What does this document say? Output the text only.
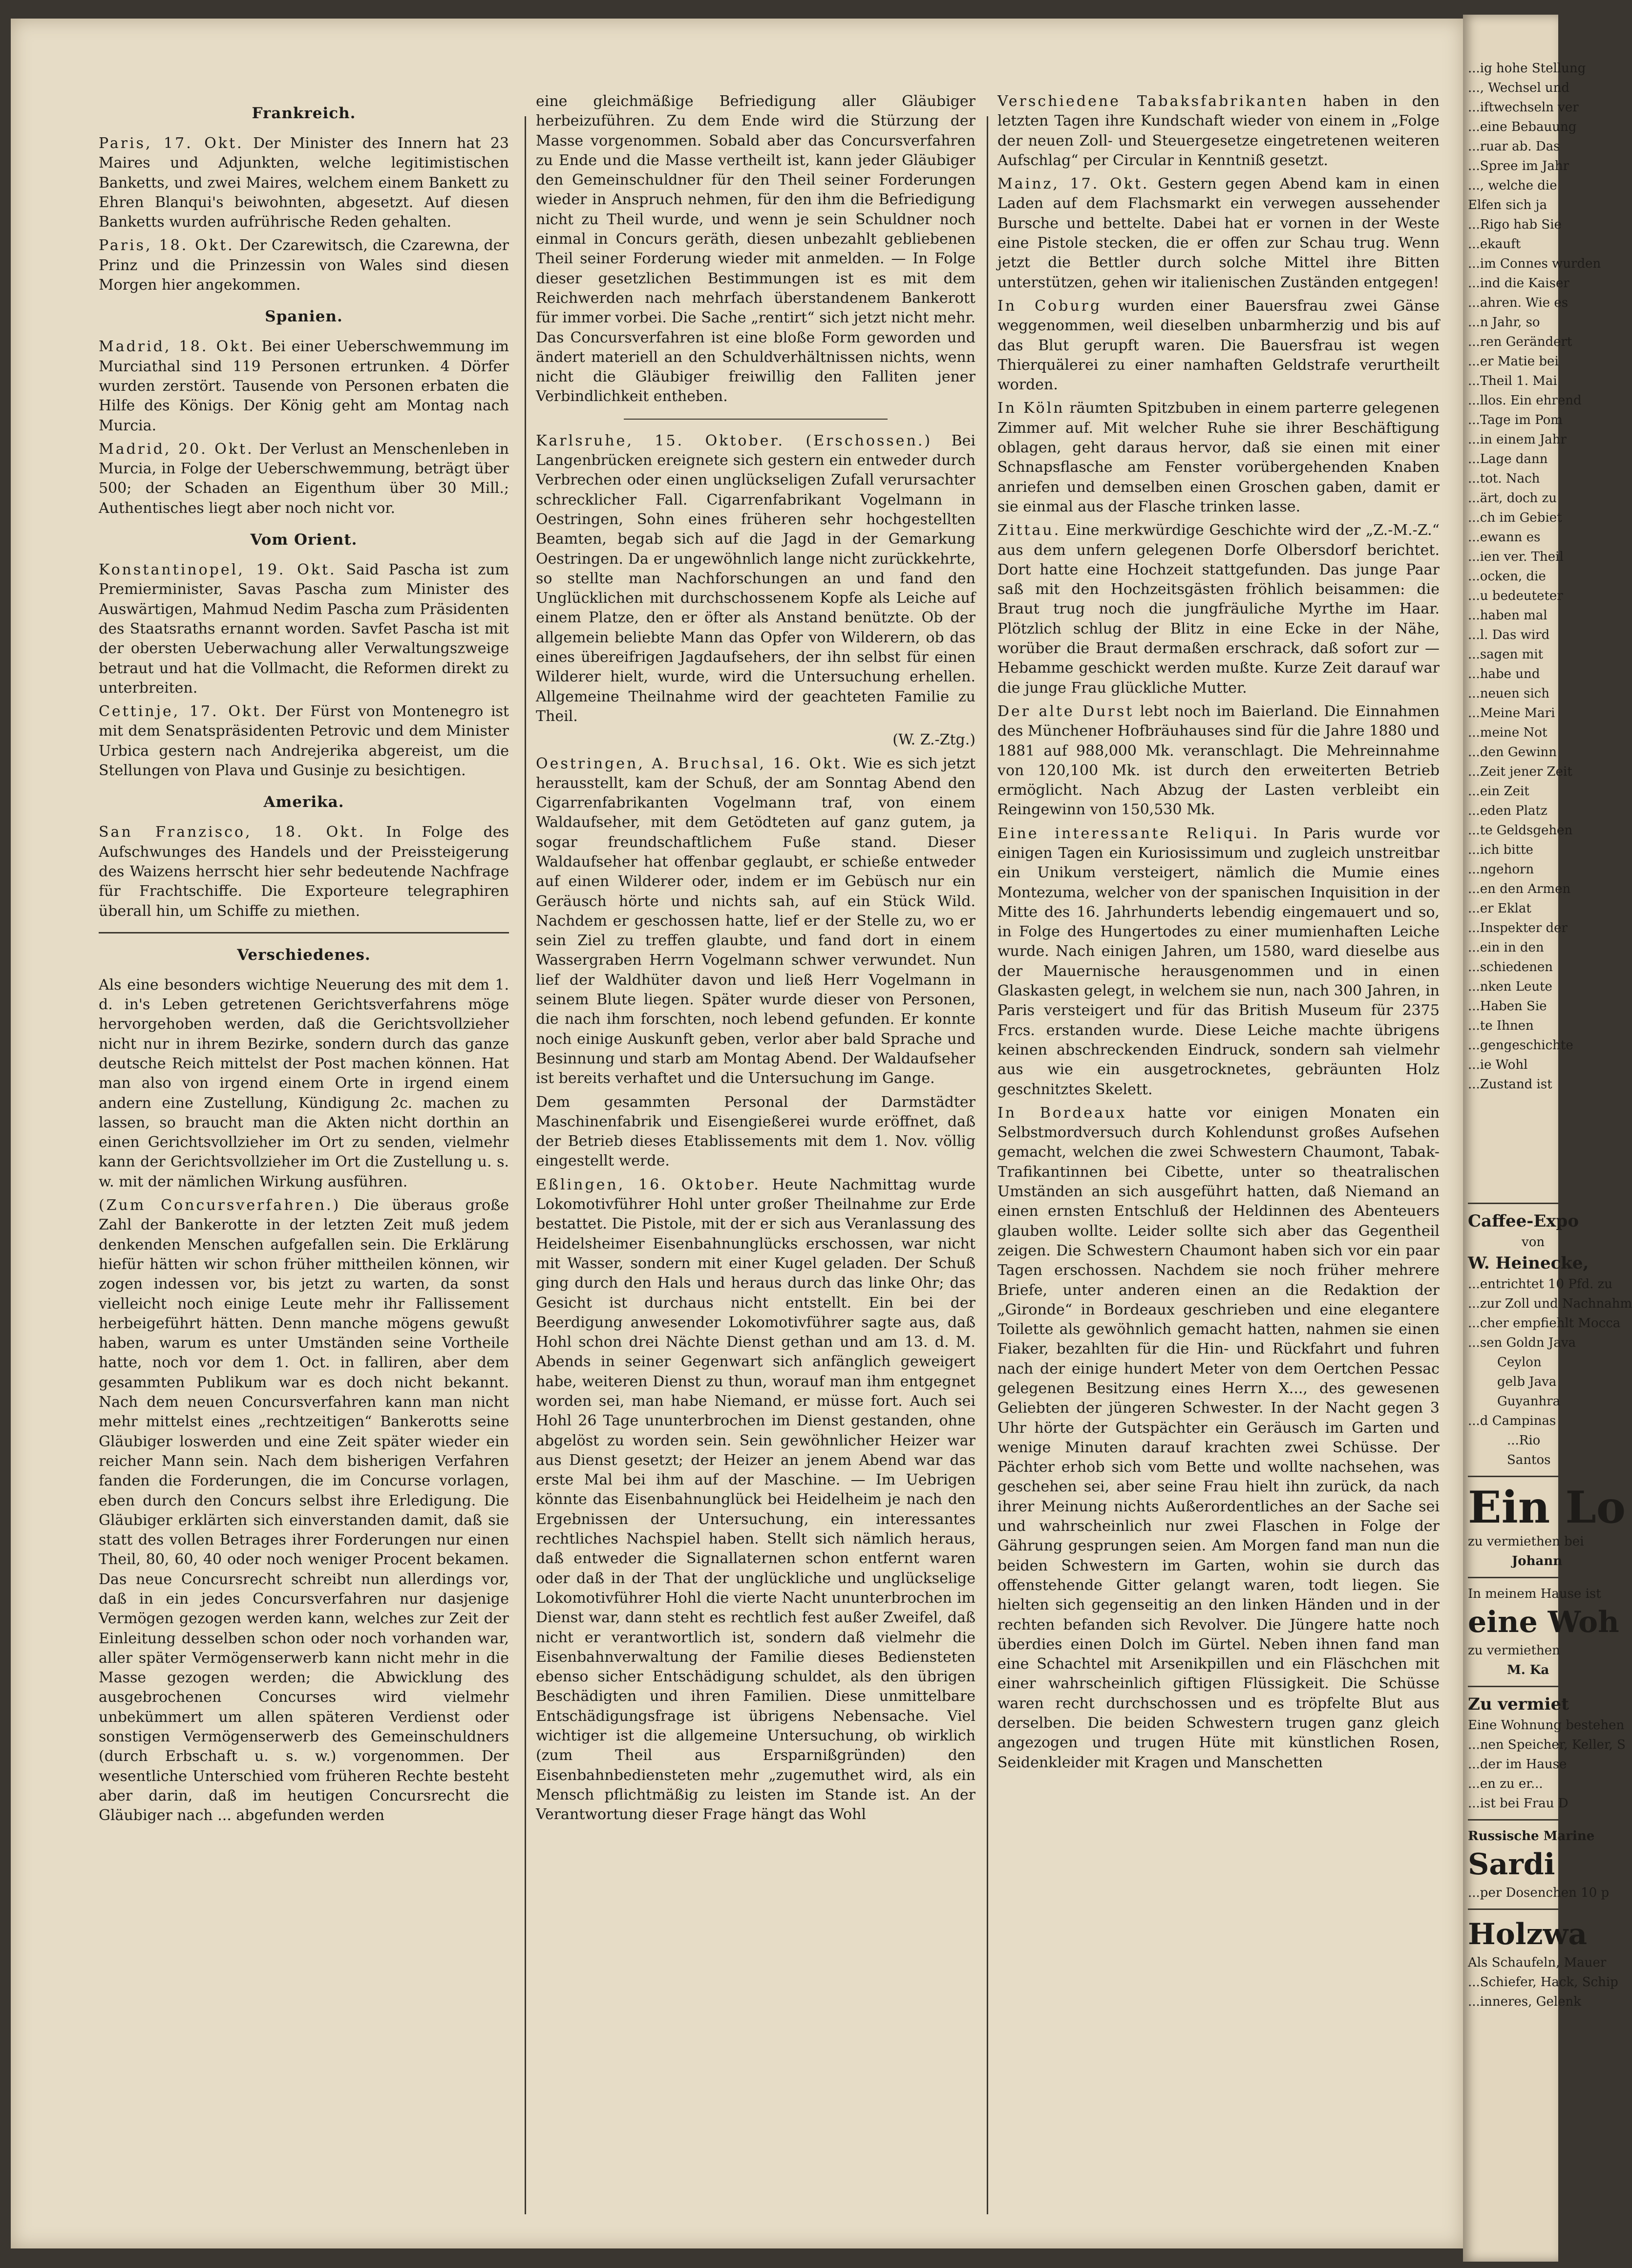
Frankreich.

Paris, 17. Okt. Der Minister des Innern hat 23 Maires und Adjunkten, welche legitimistischen Banketts, und zwei Maires, welchem einem Bankett zu Ehren Blanqui's beiwohnten, abgesetzt. Auf diesen Banketts wurden aufrührische Reden gehalten.

Paris, 18. Okt. Der Czarewitsch, die Czarewna, der Prinz und die Prinzessin von Wales sind diesen Morgen hier angekommen.

Spanien.

Madrid, 18. Okt. Bei einer Ueberschwemmung im Murciathal sind 119 Personen ertrunken. 4 Dörfer wurden zerstört. Tausende von Personen erbaten die Hilfe des Königs. Der König geht am Montag nach Murcia.

Madrid, 20. Okt. Der Verlust an Menschenleben in Murcia, in Folge der Ueberschwemmung, beträgt über 500; der Schaden an Eigenthum über 30 Mill.; Authentisches liegt aber noch nicht vor.

Vom Orient.

Konstantinopel, 19. Okt. Said Pascha ist zum Premierminister, Savas Pascha zum Minister des Auswärtigen, Mahmud Nedim Pascha zum Präsidenten des Staatsraths ernannt worden. Savfet Pascha ist mit der obersten Ueberwachung aller Verwaltungszweige betraut und hat die Vollmacht, die Reformen direkt zu unterbreiten.

Cettinje, 17. Okt. Der Fürst von Montenegro ist mit dem Senatspräsidenten Petrovic und dem Minister Urbica gestern nach Andrejerika abgereist, um die Stellungen von Plava und Gusinje zu besichtigen.

Amerika.

San Franzisco, 18. Okt. In Folge des Aufschwunges des Handels und der Preissteigerung des Waizens herrscht hier sehr bedeutende Nachfrage für Frachtschiffe. Die Exporteure telegraphiren überall hin, um Schiffe zu miethen.

Verschiedenes.

Als eine besonders wichtige Neuerung des mit dem 1. d. in's Leben getretenen Gerichtsverfahrens möge hervorgehoben werden, daß die Gerichtsvollzieher nicht nur in ihrem Bezirke, sondern durch das ganze deutsche Reich mittelst der Post machen können. Hat man also von irgend einem Orte in irgend einem andern eine Zustellung, Kündigung 2c. machen zu lassen, so braucht man die Akten nicht dorthin an einen Gerichtsvollzieher im Ort zu senden, vielmehr kann der Gerichtsvollzieher im Ort die Zustellung u. s. w. mit der nämlichen Wirkung ausführen.

(Zum Concursverfahren.) Die überaus große Zahl der Bankerotte in der letzten Zeit muß jedem denkenden Menschen aufgefallen sein. Die Erklärung hiefür hätten wir schon früher mittheilen können, wir zogen indessen vor, bis jetzt zu warten, da sonst vielleicht noch einige Leute mehr ihr Fallissement herbeigeführt hätten. Denn manche mögens gewußt haben, warum es unter Umständen seine Vortheile hatte, noch vor dem 1. Oct. in falliren, aber dem gesammten Publikum war es doch nicht bekannt. Nach dem neuen Concursverfahren kann man nicht mehr mittelst eines „rechtzeitigen“ Bankerotts seine Gläubiger loswerden und eine Zeit später wieder ein reicher Mann sein. Nach dem bisherigen Verfahren fanden die Forderungen, die im Concurse vorlagen, eben durch den Concurs selbst ihre Erledigung. Die Gläubiger erklärten sich einverstanden damit, daß sie statt des vollen Betrages ihrer Forderungen nur einen Theil, 80, 60, 40 oder noch weniger Procent bekamen. Das neue Concursrecht schreibt nun allerdings vor, daß in ein jedes Concursverfahren nur dasjenige Vermögen gezogen werden kann, welches zur Zeit der Einleitung desselben schon oder noch vorhanden war, aller später Vermögenserwerb kann nicht mehr in die Masse gezogen werden; die Abwicklung des ausgebrochenen Concurses wird vielmehr unbekümmert um allen späteren Verdienst oder sonstigen Vermögenserwerb des Gemeinschuldners (durch Erbschaft u. s. w.) vorgenommen. Der wesentliche Unterschied vom früheren Rechte besteht aber darin, daß im heutigen Concursrecht die Gläubiger nach ... abgefunden werden

eine gleichmäßige Befriedigung aller Gläubiger herbeizuführen. Zu dem Ende wird die Stürzung der Masse vorgenommen. Sobald aber das Concursverfahren zu Ende und die Masse vertheilt ist, kann jeder Gläubiger den Gemeinschuldner für den Theil seiner Forderungen wieder in Anspruch nehmen, für den ihm die Befriedigung nicht zu Theil wurde, und wenn je sein Schuldner noch einmal in Concurs geräth, diesen unbezahlt gebliebenen Theil seiner Forderung wieder mit anmelden. — In Folge dieser gesetzlichen Bestimmungen ist es mit dem Reichwerden nach mehrfach überstandenem Bankerott für immer vorbei. Die Sache „rentirt“ sich jetzt nicht mehr. Das Concursverfahren ist eine bloße Form geworden und ändert materiell an den Schuldverhältnissen nichts, wenn nicht die Gläubiger freiwillig den Falliten jener Verbindlichkeit entheben.

Karlsruhe, 15. Oktober. (Erschossen.) Bei Langenbrücken ereignete sich gestern ein entweder durch Verbrechen oder einen unglückseligen Zufall verursachter schrecklicher Fall. Cigarrenfabrikant Vogelmann in Oestringen, Sohn eines früheren sehr hochgestellten Beamten, begab sich auf die Jagd in der Gemarkung Oestringen. Da er ungewöhnlich lange nicht zurückkehrte, so stellte man Nachforschungen an und fand den Unglücklichen mit durchschossenem Kopfe als Leiche auf einem Platze, den er öfter als Anstand benützte. Ob der allgemein beliebte Mann das Opfer von Wilderern, ob das eines übereifrigen Jagdaufsehers, der ihn selbst für einen Wilderer hielt, wurde, wird die Untersuchung erhellen. Allgemeine Theilnahme wird der geachteten Familie zu Theil.

(W. Z.-Ztg.)

Oestringen, A. Bruchsal, 16. Okt. Wie es sich jetzt herausstellt, kam der Schuß, der am Sonntag Abend den Cigarrenfabrikanten Vogelmann traf, von einem Waldaufseher, mit dem Getödteten auf ganz gutem, ja sogar freundschaftlichem Fuße stand. Dieser Waldaufseher hat offenbar geglaubt, er schieße entweder auf einen Wilderer oder, indem er im Gebüsch nur ein Geräusch hörte und nichts sah, auf ein Stück Wild. Nachdem er geschossen hatte, lief er der Stelle zu, wo er sein Ziel zu treffen glaubte, und fand dort in einem Wassergraben Herrn Vogelmann schwer verwundet. Nun lief der Waldhüter davon und ließ Herr Vogelmann in seinem Blute liegen. Später wurde dieser von Personen, die nach ihm forschten, noch lebend gefunden. Er konnte noch einige Auskunft geben, verlor aber bald Sprache und Besinnung und starb am Montag Abend. Der Waldaufseher ist bereits verhaftet und die Untersuchung im Gange.

Dem gesammten Personal der Darmstädter Maschinenfabrik und Eisengießerei wurde eröffnet, daß der Betrieb dieses Etablissements mit dem 1. Nov. völlig eingestellt werde.

Eßlingen, 16. Oktober. Heute Nachmittag wurde Lokomotivführer Hohl unter großer Theilnahme zur Erde bestattet. Die Pistole, mit der er sich aus Veranlassung des Heidelsheimer Eisenbahnunglücks erschossen, war nicht mit Wasser, sondern mit einer Kugel geladen. Der Schuß ging durch den Hals und heraus durch das linke Ohr; das Gesicht ist durchaus nicht entstellt. Ein bei der Beerdigung anwesender Lokomotivführer sagte aus, daß Hohl schon drei Nächte Dienst gethan und am 13. d. M. Abends in seiner Gegenwart sich anfänglich geweigert habe, weiteren Dienst zu thun, worauf man ihm entgegnet worden sei, man habe Niemand, er müsse fort. Auch sei Hohl 26 Tage ununterbrochen im Dienst gestanden, ohne abgelöst zu worden sein. Sein gewöhnlicher Heizer war aus Dienst gesetzt; der Heizer an jenem Abend war das erste Mal bei ihm auf der Maschine. — Im Uebrigen könnte das Eisenbahnunglück bei Heidelheim je nach den Ergebnissen der Untersuchung, ein interessantes rechtliches Nachspiel haben. Stellt sich nämlich heraus, daß entweder die Signallaternen schon entfernt waren oder daß in der That der unglückliche und unglückselige Lokomotivführer Hohl die vierte Nacht ununterbrochen im Dienst war, dann steht es rechtlich fest außer Zweifel, daß nicht er verantwortlich ist, sondern daß vielmehr die Eisenbahnverwaltung der Familie dieses Bediensteten ebenso sicher Entschädigung schuldet, als den übrigen Beschädigten und ihren Familien. Diese unmittelbare Entschädigungsfrage ist übrigens Nebensache. Viel wichtiger ist die allgemeine Untersuchung, ob wirklich (zum Theil aus Ersparnißgründen) den Eisenbahnbediensteten mehr „zugemuthet wird, als ein Mensch pflichtmäßig zu leisten im Stande ist. An der Verantwortung dieser Frage hängt das Wohl

Verschiedene Tabaksfabrikanten haben in den letzten Tagen ihre Kundschaft wieder von einem in „Folge der neuen Zoll- und Steuergesetze eingetretenen weiteren Aufschlag“ per Circular in Kenntniß gesetzt.

Mainz, 17. Okt. Gestern gegen Abend kam in einen Laden auf dem Flachsmarkt ein verwegen aussehender Bursche und bettelte. Dabei hat er vornen in der Weste eine Pistole stecken, die er offen zur Schau trug. Wenn jetzt die Bettler durch solche Mittel ihre Bitten unterstützen, gehen wir italienischen Zuständen entgegen!

In Coburg wurden einer Bauersfrau zwei Gänse weggenommen, weil dieselben unbarmherzig und bis auf das Blut gerupft waren. Die Bauersfrau ist wegen Thierquälerei zu einer namhaften Geldstrafe verurtheilt worden.

In Köln räumten Spitzbuben in einem parterre gelegenen Zimmer auf. Mit welcher Ruhe sie ihrer Beschäftigung oblagen, geht daraus hervor, daß sie einen mit einer Schnapsflasche am Fenster vorübergehenden Knaben anriefen und demselben einen Groschen gaben, damit er sie einmal aus der Flasche trinken lasse.

Zittau. Eine merkwürdige Geschichte wird der „Z.-M.-Z.“ aus dem unfern gelegenen Dorfe Olbersdorf berichtet. Dort hatte eine Hochzeit stattgefunden. Das junge Paar saß mit den Hochzeitsgästen fröhlich beisammen: die Braut trug noch die jungfräuliche Myrthe im Haar. Plötzlich schlug der Blitz in eine Ecke in der Nähe, worüber die Braut dermaßen erschrack, daß sofort zur — Hebamme geschickt werden mußte. Kurze Zeit darauf war die junge Frau glückliche Mutter.

Der alte Durst lebt noch im Baierland. Die Einnahmen des Münchener Hofbräuhauses sind für die Jahre 1880 und 1881 auf 988,000 Mk. veranschlagt. Die Mehreinnahme von 120,100 Mk. ist durch den erweiterten Betrieb ermöglicht. Nach Abzug der Lasten verbleibt ein Reingewinn von 150,530 Mk.

Eine interessante Reliqui. In Paris wurde vor einigen Tagen ein Kuriosissimum und zugleich unstreitbar ein Unikum versteigert, nämlich die Mumie eines Montezuma, welcher von der spanischen Inquisition in der Mitte des 16. Jahrhunderts lebendig eingemauert und so, in Folge des Hungertodes zu einer mumienhaften Leiche wurde. Nach einigen Jahren, um 1580, ward dieselbe aus der Mauernische herausgenommen und in einen Glaskasten gelegt, in welchem sie nun, nach 300 Jahren, in Paris versteigert und für das British Museum für 2375 Frcs. erstanden wurde. Diese Leiche machte übrigens keinen abschreckenden Eindruck, sondern sah vielmehr aus wie ein ausgetrocknetes, gebräunten Holz geschnitztes Skelett.

In Bordeaux hatte vor einigen Monaten ein Selbstmordversuch durch Kohlendunst großes Aufsehen gemacht, welchen die zwei Schwestern Chaumont, Tabak-Trafikantinnen bei Cibette, unter so theatralischen Umständen an sich ausgeführt hatten, daß Niemand an einen ernsten Entschluß der Heldinnen des Abenteuers glauben wollte. Leider sollte sich aber das Gegentheil zeigen. Die Schwestern Chaumont haben sich vor ein paar Tagen erschossen. Nachdem sie noch früher mehrere Briefe, unter anderen einen an die Redaktion der „Gironde“ in Bordeaux geschrieben und eine elegantere Toilette als gewöhnlich gemacht hatten, nahmen sie einen Fiaker, bezahlten für die Hin- und Rückfahrt und fuhren nach der einige hundert Meter von dem Oertchen Pessac gelegenen Besitzung eines Herrn X..., des gewesenen Geliebten der jüngeren Schwester. In der Nacht gegen 3 Uhr hörte der Gutspächter ein Geräusch im Garten und wenige Minuten darauf krachten zwei Schüsse. Der Pächter erhob sich vom Bette und wollte nachsehen, was geschehen sei, aber seine Frau hielt ihn zurück, da nach ihrer Meinung nichts Außerordentliches an der Sache sei und wahrscheinlich nur zwei Flaschen in Folge der Gährung gesprungen seien. Am Morgen fand man nun die beiden Schwestern im Garten, wohin sie durch das offenstehende Gitter gelangt waren, todt liegen. Sie hielten sich gegenseitig an den linken Händen und in der rechten befanden sich Revolver. Die Jüngere hatte noch überdies einen Dolch im Gürtel. Neben ihnen fand man eine Schachtel mit Arsenikpillen und ein Fläschchen mit einer wahrscheinlich giftigen Flüssigkeit. Die Schüsse waren recht durchschossen und es tröpfelte Blut aus derselben. Die beiden Schwestern trugen ganz gleich angezogen und trugen Hüte mit künstlichen Rosen, Seidenkleider mit Kragen und Manschetten

...ig hohe Stellung

..., Wechsel und

...iftwechseln ver

...eine Bebauung

...ruar ab. Das

...Spree im Jahr

..., welche die

Elfen sich ja

...Rigo hab Sie

...ekauft

...im Connes wurden

...ind die Kaiser

...ahren. Wie es

...n Jahr, so

...ren Gerändert

...er Matie bei

...Theil 1. Mai

...llos. Ein ehrend

...Tage im Pom

...in einem Jahr

...Lage dann

...tot. Nach

...ärt, doch zu

...ch im Gebiet

...ewann es

...ien ver. Theil

...ocken, die

...u bedeuteter

...haben mal

...l. Das wird

...sagen mit

...habe und

...neuen sich

...Meine Mari

...meine Not

...den Gewinn

...Zeit jener Zeit

...ein Zeit

...eden Platz

...te Geldsgehen

...ich bitte

...ngehorn

...en den Armen

...er Eklat

...Inspekter der

...ein in den

...schiedenen

...nken Leute

...Haben Sie

...te Ihnen

...gengeschichte

...ie Wohl

...Zustand ist

Caffee-Expo

von

W. Heinecke,

...entrichtet 10 Pfd. zu

...zur Zoll und Nachnahm

...cher empfiehlt Mocca

...sen Goldn Java

Ceylon

gelb Java

Guyanhra

...d Campinas

...Rio

Santos

Ein Lo

zu vermiethen bei

Johann

In meinem Hause ist

eine Woh

zu vermiethen

M. Ka

Zu vermiet

Eine Wohnung bestehen

...nen Speicher, Keller, S

...der im Hause

...en zu er...

...ist bei Frau D

Russische Marine

Sardi

...per Dosenchen 10 p

Holzwa

Als Schaufeln, Mauer

...Schiefer, Hack, Schip

...inneres, Gelenk
